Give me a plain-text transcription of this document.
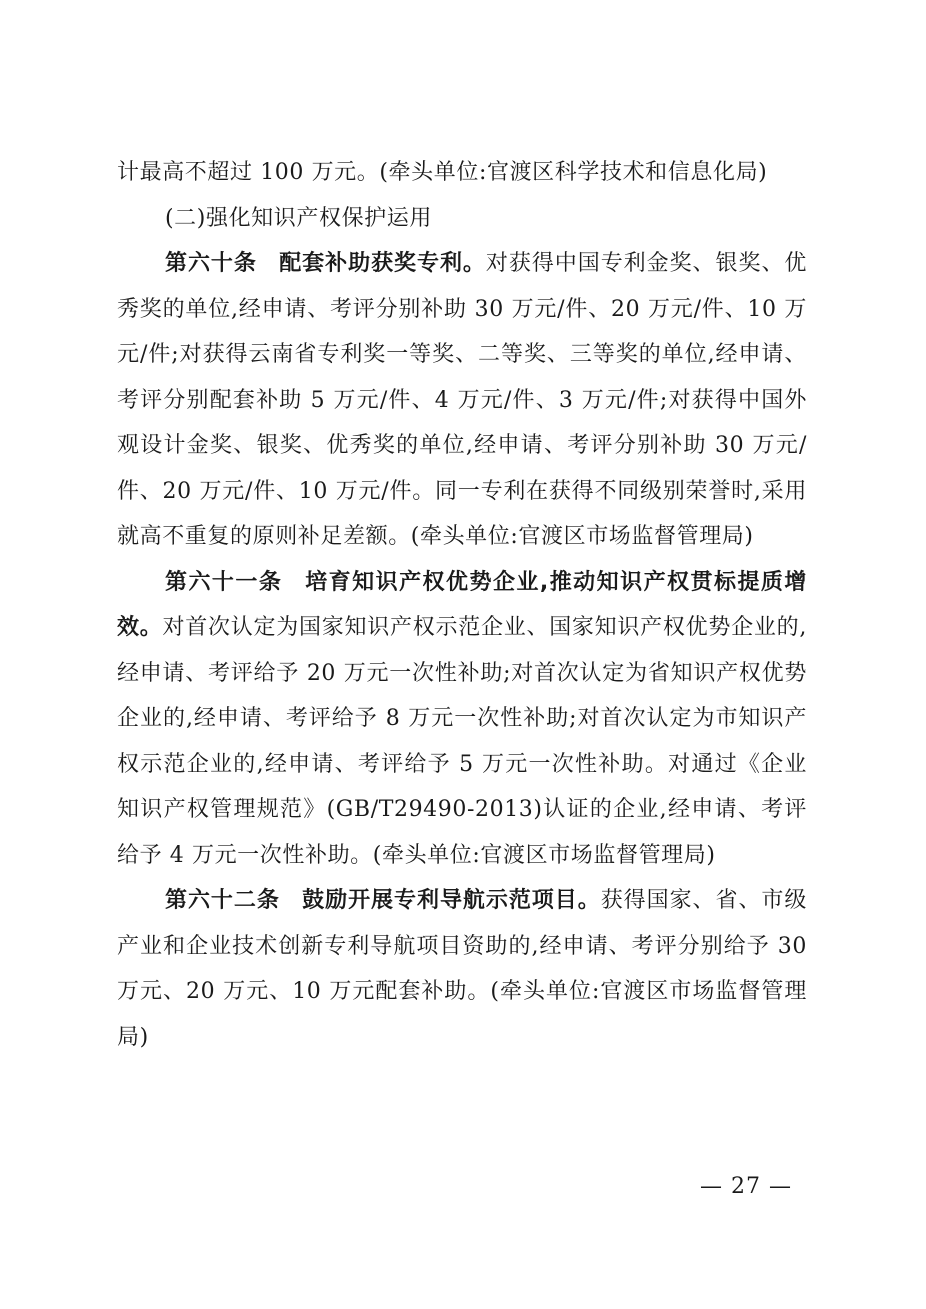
计最高不超过 100 万元。(牵头单位:官渡区科学技术和信息化局)

(二)强化知识产权保护运用

第六十条 配套补助获奖专利。对获得中国专利金奖、银奖、优秀奖的单位,经申请、考评分别补助 30 万元/件、20 万元/件、10 万元/件;对获得云南省专利奖一等奖、二等奖、三等奖的单位,经申请、考评分别配套补助 5 万元/件、4 万元/件、3 万元/件;对获得中国外观设计金奖、银奖、优秀奖的单位,经申请、考评分别补助 30 万元/件、20 万元/件、10 万元/件。同一专利在获得不同级别荣誉时,采用就高不重复的原则补足差额。(牵头单位:官渡区市场监督管理局)

第六十一条 培育知识产权优势企业,推动知识产权贯标提质增效。对首次认定为国家知识产权示范企业、国家知识产权优势企业的,经申请、考评给予 20 万元一次性补助;对首次认定为省知识产权优势企业的,经申请、考评给予 8 万元一次性补助;对首次认定为市知识产权示范企业的,经申请、考评给予 5 万元一次性补助。对通过《企业知识产权管理规范》(GB/T29490-2013)认证的企业,经申请、考评给予 4 万元一次性补助。(牵头单位:官渡区市场监督管理局)

第六十二条 鼓励开展专利导航示范项目。获得国家、省、市级产业和企业技术创新专利导航项目资助的,经申请、考评分别给予 30 万元、20 万元、10 万元配套补助。(牵头单位:官渡区市场监督管理局)

— 27 —
